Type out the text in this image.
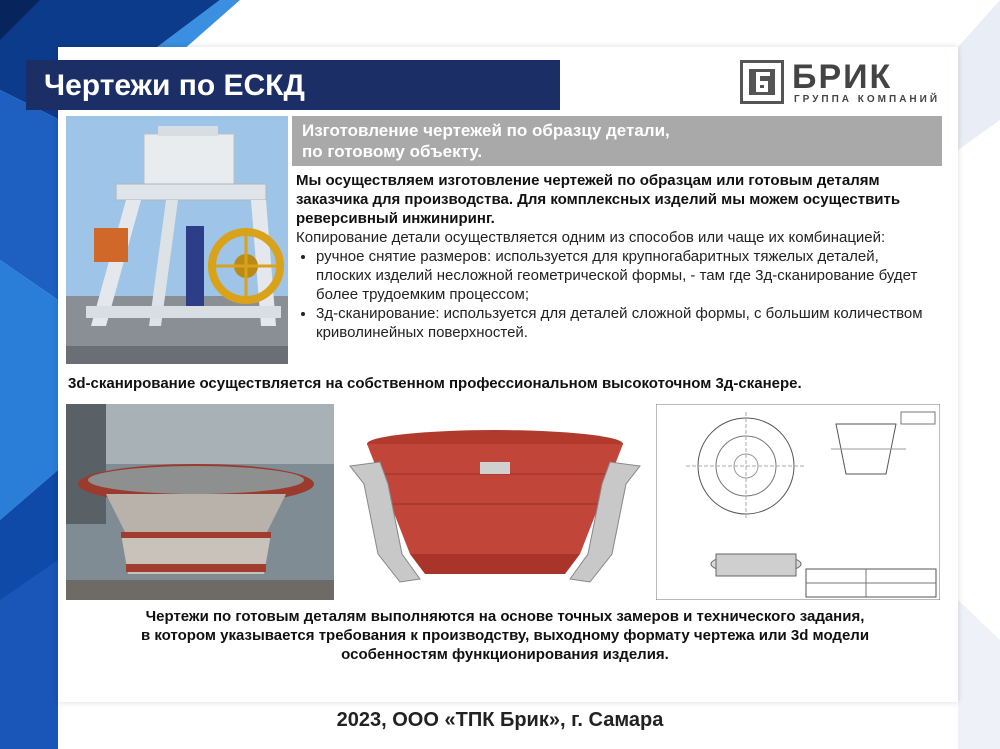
Чертежи по ЕСКД	БРИК
ГРУППА КОМПАНИЙ
Изготовление чертежей по образцу детали,
по готовому объекту.
Мы осуществляем изготовление чертежей по образцам или готовым деталям заказчика для производства. Для комплексных изделий мы можем осуществить реверсивный инжиниринг.
Копирование детали осуществляется одним из способов или чаще их комбинацией:
• ручное снятие размеров: используется для крупногабаритных тяжелых деталей, плоских изделий несложной геометрической формы, - там где 3д-сканирование будет более трудоемким процессом;
• 3д-сканирование: используется для деталей сложной формы, с большим количеством криволинейных поверхностей.
3d-сканирование осуществляется на собственном профессиональном высокоточном 3д-сканере.
Чертежи по готовым деталям выполняются на основе точных замеров и технического задания,
в котором указывается требования к производству, выходному формату чертежа или 3d модели
особенностям функционирования изделия.
2023, ООО «ТПК Брик», г. Самара
